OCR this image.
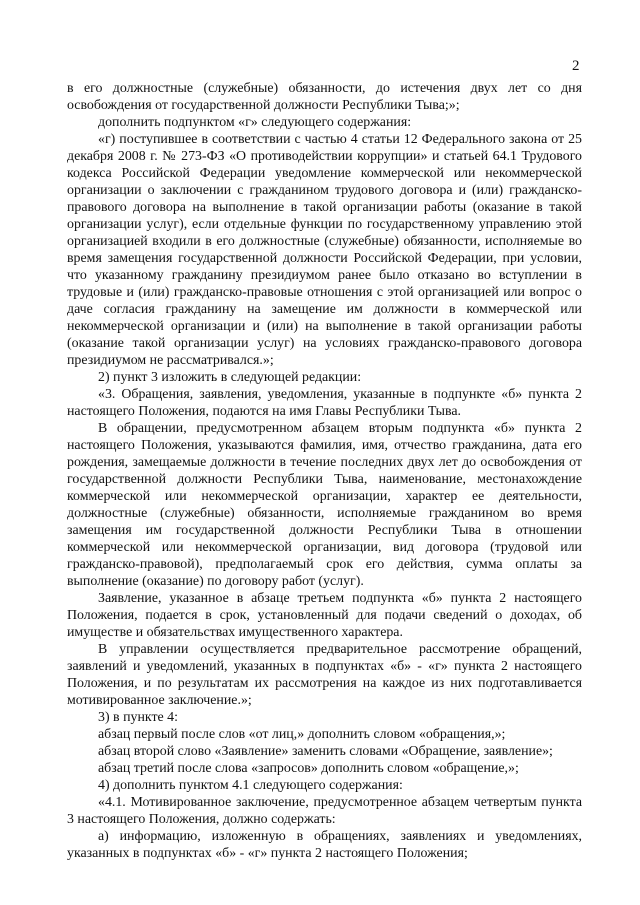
2

в его должностные (служебные) обязанности, до истечения двух лет со дня освобождения от государственной должности Республики Тыва;»;

дополнить подпунктом «г» следующего содержания:

«г) поступившее в соответствии с частью 4 статьи 12 Федерального закона от 25 декабря 2008 г. № 273-ФЗ «О противодействии коррупции» и статьей 64.1 Трудового кодекса Российской Федерации уведомление коммерческой или некоммерческой организации о заключении с гражданином трудового договора и (или) гражданско-правового договора на выполнение в такой организации работы (оказание в такой организации услуг), если отдельные функции по государственному управлению этой организацией входили в его должностные (служебные) обязанности, исполняемые во время замещения государственной должности Российской Федерации, при условии, что указанному гражданину президиумом ранее было отказано во вступлении в трудовые и (или) гражданско-правовые отношения с этой организацией или вопрос о даче согласия гражданину на замещение им должности в коммерческой или некоммерческой организации и (или) на выполнение в такой организации работы (оказание такой организации услуг) на условиях гражданско-правового договора президиумом не рассматривался.»;

2) пункт 3 изложить в следующей редакции:

«3. Обращения, заявления, уведомления, указанные в подпункте «б» пункта 2 настоящего Положения, подаются на имя Главы Республики Тыва.

В обращении, предусмотренном абзацем вторым подпункта «б» пункта 2 настоящего Положения, указываются фамилия, имя, отчество гражданина, дата его рождения, замещаемые должности в течение последних двух лет до освобождения от государственной должности Республики Тыва, наименование, местонахождение коммерческой или некоммерческой организации, характер ее деятельности, должностные (служебные) обязанности, исполняемые гражданином во время замещения им государственной должности Республики Тыва в отношении коммерческой или некоммерческой организации, вид договора (трудовой или гражданско-правовой), предполагаемый срок его действия, сумма оплаты за выполнение (оказание) по договору работ (услуг).

Заявление, указанное в абзаце третьем подпункта «б» пункта 2 настоящего Положения, подается в срок, установленный для подачи сведений о доходах, об имуществе и обязательствах имущественного характера.

В управлении осуществляется предварительное рассмотрение обращений, заявлений и уведомлений, указанных в подпунктах «б» - «г» пункта 2 настоящего Положения, и по результатам их рассмотрения на каждое из них подготавливается мотивированное заключение.»;

3) в пункте 4:

абзац первый после слов «от лиц,» дополнить словом «обращения,»;

абзац второй слово «Заявление» заменить словами «Обращение, заявление»;

абзац третий после слова «запросов» дополнить словом «обращение,»;

4) дополнить пунктом 4.1 следующего содержания:

«4.1. Мотивированное заключение, предусмотренное абзацем четвертым пункта 3 настоящего Положения, должно содержать:

а) информацию, изложенную в обращениях, заявлениях и уведомлениях, указанных в подпунктах «б» - «г» пункта 2 настоящего Положения;
